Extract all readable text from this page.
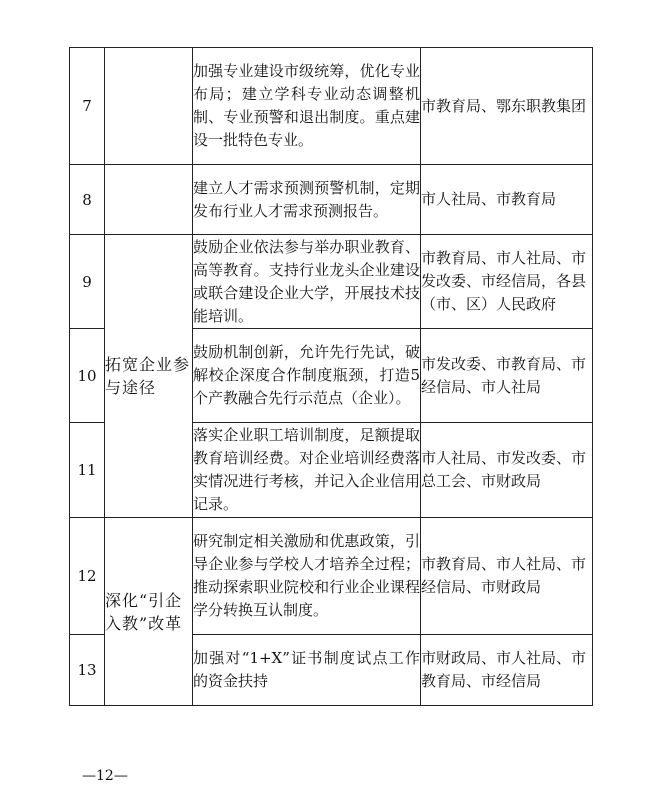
7		加强专业建设市级统筹，优化专业布局；建立学科专业动态调整机制、专业预警和退出制度。重点建设一批特色专业。	市教育局、鄂东职教集团
8		建立人才需求预测预警机制，定期发布行业人才需求预测报告。	市人社局、市教育局
9	拓宽企业参与途径	鼓励企业依法参与举办职业教育、高等教育。支持行业龙头企业建设或联合建设企业大学，开展技术技能培训。	市教育局、市人社局、市发改委、市经信局，各县（市、区）人民政府
10		鼓励机制创新，允许先行先试，破解校企深度合作制度瓶颈，打造5个产教融合先行示范点（企业）。	市发改委、市教育局、市经信局、市人社局
11		落实企业职工培训制度，足额提取教育培训经费。对企业培训经费落实情况进行考核，并记入企业信用记录。	市人社局、市发改委、市总工会、市财政局
12	深化“引企入教”改革	研究制定相关激励和优惠政策，引导企业参与学校人才培养全过程；推动探索职业院校和行业企业课程学分转换互认制度。	市教育局、市人社局、市经信局、市财政局
13		加强对“1+X”证书制度试点工作的资金扶持	市财政局、市人社局、市教育局、市经信局
—12—
